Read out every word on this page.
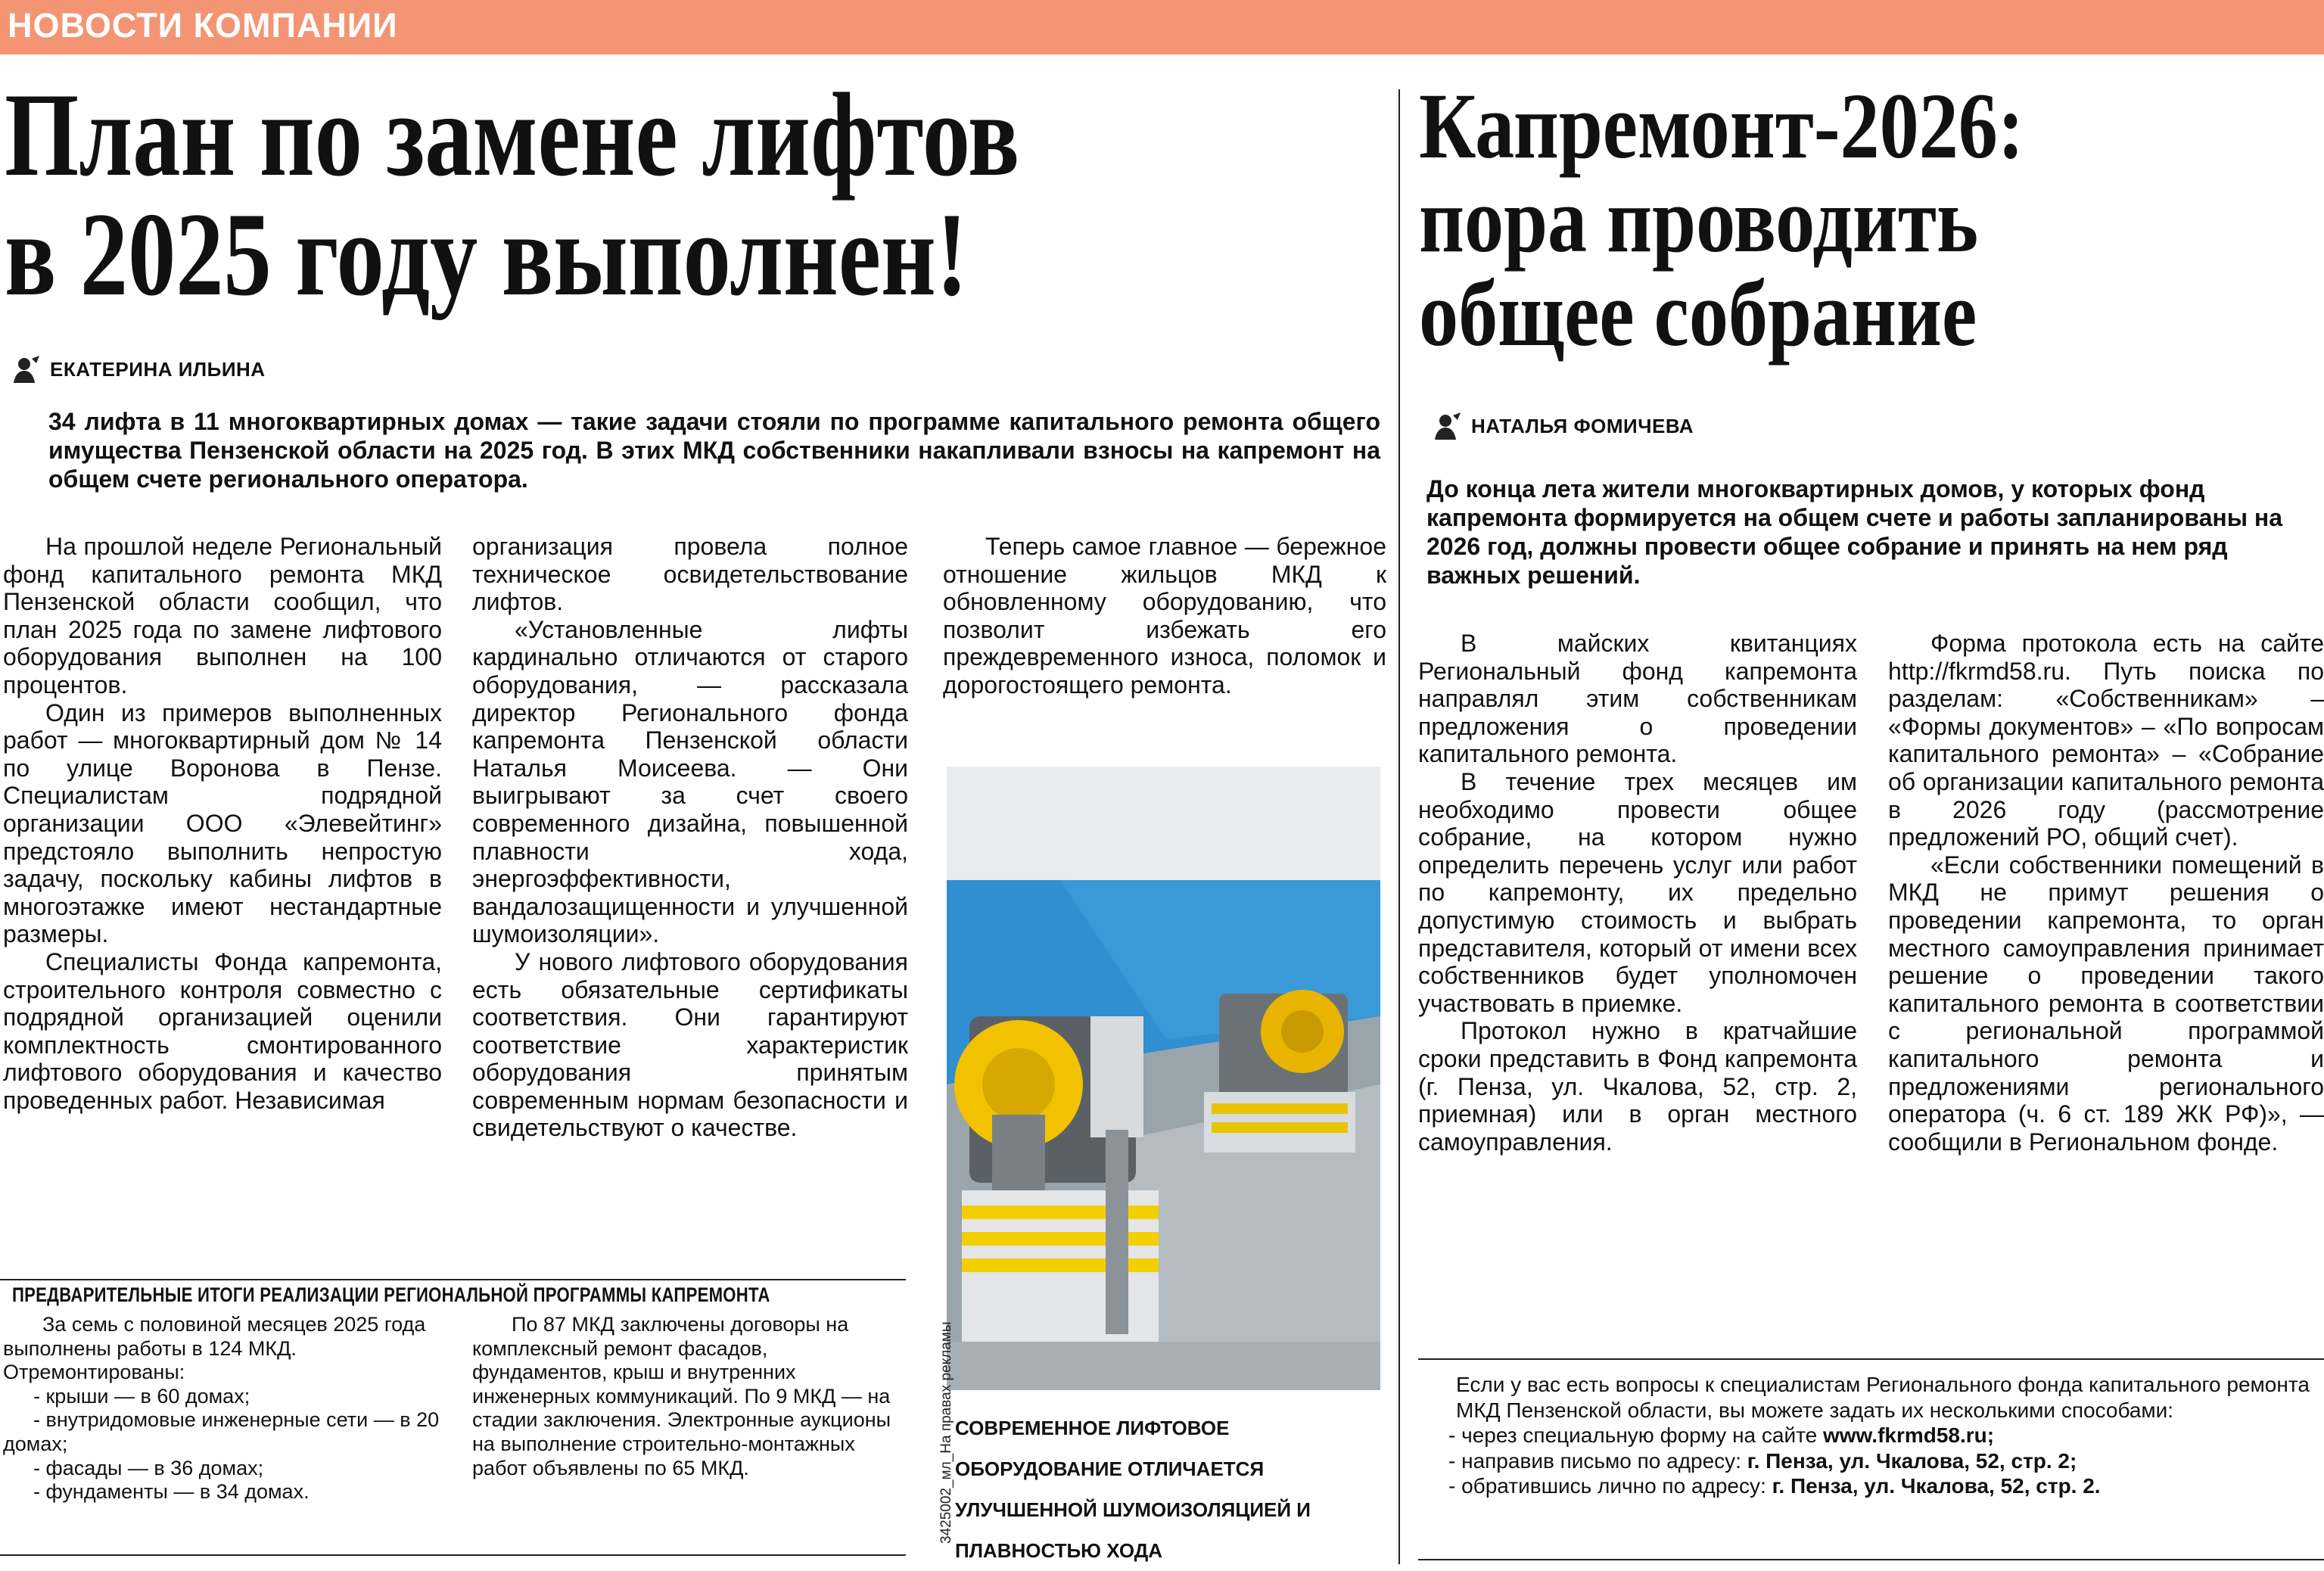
НОВОСТИ КОМПАНИИ
План по замене лифтов
в 2025 году выполнен!
ЕКАТЕРИНА ИЛЬИНА

34 лифта в 11 многоквартирных домах — такие задачи стояли по программе капитального ремонта общего имущества Пензенской области на 2025 год. В этих МКД собственники накапливали взносы на капремонт на общем счете регионального оператора.

На прошлой неделе Региональный фонд капитального ремонта МКД Пензенской области сообщил, что план 2025 года по замене лифтового оборудования выполнен на 100 процентов.

Один из примеров выполненных работ — многоквартирный дом № 14 по улице Воронова в Пензе. Специалистам подрядной организации ООО «Элевейтинг» предстояло выполнить непростую задачу, поскольку кабины лифтов в многоэтажке имеют нестандартные размеры.

Специалисты Фонда капремонта, строительного контроля совместно с подрядной организацией оценили комплектность смонтированного лифтового оборудования и качество проведенных работ. Независимая

организация провела полное техническое освидетельствование лифтов.

«Установленные лифты кардинально отличаются от старого оборудования, — рассказала директор Регионального фонда капремонта Пензенской области Наталья Моисеева. — Они выигрывают за счет своего современного дизайна, повышенной плавности хода, энергоэффективности, вандалозащищенности и улучшенной шумоизоляции».

У нового лифтового оборудования есть обязательные сертификаты соответствия. Они гарантируют соответствие характеристик оборудования принятым современным нормам безопасности и свидетельствуют о качестве.

Теперь самое главное — бережное отношение жильцов МКД к обновленному оборудованию, что позволит избежать его преждевременного износа, поломок и дорогостоящего ремонта.

3425002_мл_На правах рекламы СОВРЕМЕННОЕ ЛИФТОВОЕ ОБОРУДОВАНИЕ ОТЛИЧАЕТСЯ УЛУЧШЕННОЙ ШУМОИЗОЛЯЦИЕЙ И ПЛАВНОСТЬЮ ХОДА
ПРЕДВАРИТЕЛЬНЫЕ ИТОГИ РЕАЛИЗАЦИИ РЕГИОНАЛЬНОЙ ПРОГРАММЫ КАПРЕМОНТА
За семь с половиной месяцев 2025 года выполнены работы в 124 МКД. Отремонтированы:
- крыши — в 60 домах;
- внутридомовые инженерные сети — в 20 домах;
- фасады — в 36 домах;
- фундаменты — в 34 домах.
По 87 МКД заключены договоры на комплексный ремонт фасадов, фундаментов, крыш и внутренних инженерных коммуникаций. По 9 МКД — на стадии заключения. Электронные аукционы на выполнение строительно-монтажных работ объявлены по 65 МКД.
Капремонт-2026:
пора проводить
общее собрание
НАТАЛЬЯ ФОМИЧЕВА

До конца лета жители многоквартирных домов, у которых фонд капремонта формируется на общем счете и работы запланированы на 2026 год, должны провести общее собрание и принять на нем ряд важных решений.

В майских квитанциях Региональный фонд капремонта направлял этим собственникам предложения о проведении капитального ремонта.

В течение трех месяцев им необходимо провести общее собрание, на котором нужно определить перечень услуг или работ по капремонту, их предельно допустимую стоимость и выбрать представителя, который от имени всех собственников будет уполномочен участвовать в приемке.

Протокол нужно в кратчайшие сроки представить в Фонд капремонта (г. Пенза, ул. Чкалова, 52, стр. 2, приемная) или в орган местного самоуправления.

Форма протокола есть на сайте http://fkrmd58.ru. Путь поиска по разделам: «Собственникам» – «Формы документов» – «По вопросам капитального ремонта» – «Собрание об организации капитального ремонта в 2026 году (рассмотрение предложений РО, общий счет).

«Если собственники помещений в МКД не примут решения о проведении капремонта, то орган местного самоуправления принимает решение о проведении такого капитального ремонта в соответствии с региональной программой капитального ремонта и предложениями регионального оператора (ч. 6 ст. 189 ЖК РФ)», — сообщили в Региональном фонде.

Если у вас есть вопросы к специалистам Регионального фонда капитального ремонта МКД Пензенской области, вы можете задать их несколькими способами:
- через специальную форму на сайте www.fkrmd58.ru;
- направив письмо по адресу: г. Пенза, ул. Чкалова, 52, стр. 2;
- обратившись лично по адресу: г. Пенза, ул. Чкалова, 52, стр. 2.
